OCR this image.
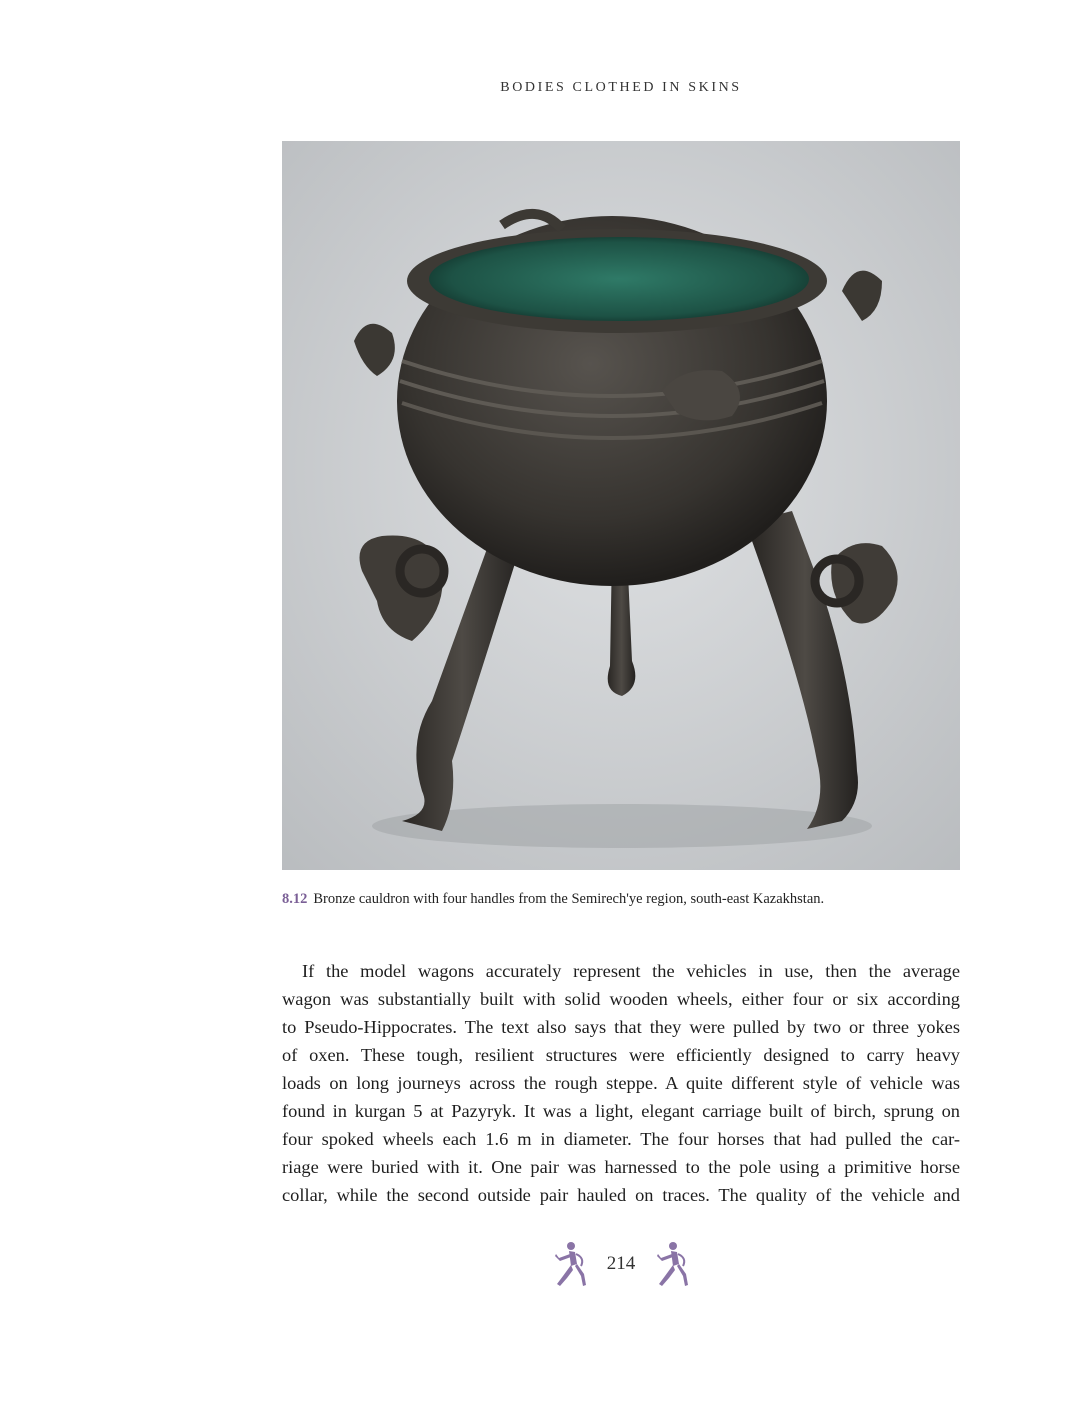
BODIES CLOTHED IN SKINS
8.12 Bronze cauldron with four handles from the Semirech'ye region, south-east Kazakhstan.
If the model wagons accurately represent the vehicles in use, then the average
wagon was substantially built with solid wooden wheels, either four or six according
to Pseudo-Hippocrates. The text also says that they were pulled by two or three yokes
of oxen. These tough, resilient structures were efficiently designed to carry heavy
loads on long journeys across the rough steppe. A quite different style of vehicle was
found in kurgan 5 at Pazyryk. It was a light, elegant carriage built of birch, sprung on
four spoked wheels each 1.6 m in diameter. The four horses that had pulled the car-
riage were buried with it. One pair was harnessed to the pole using a primitive horse
collar, while the second outside pair hauled on traces. The quality of the vehicle and
214
